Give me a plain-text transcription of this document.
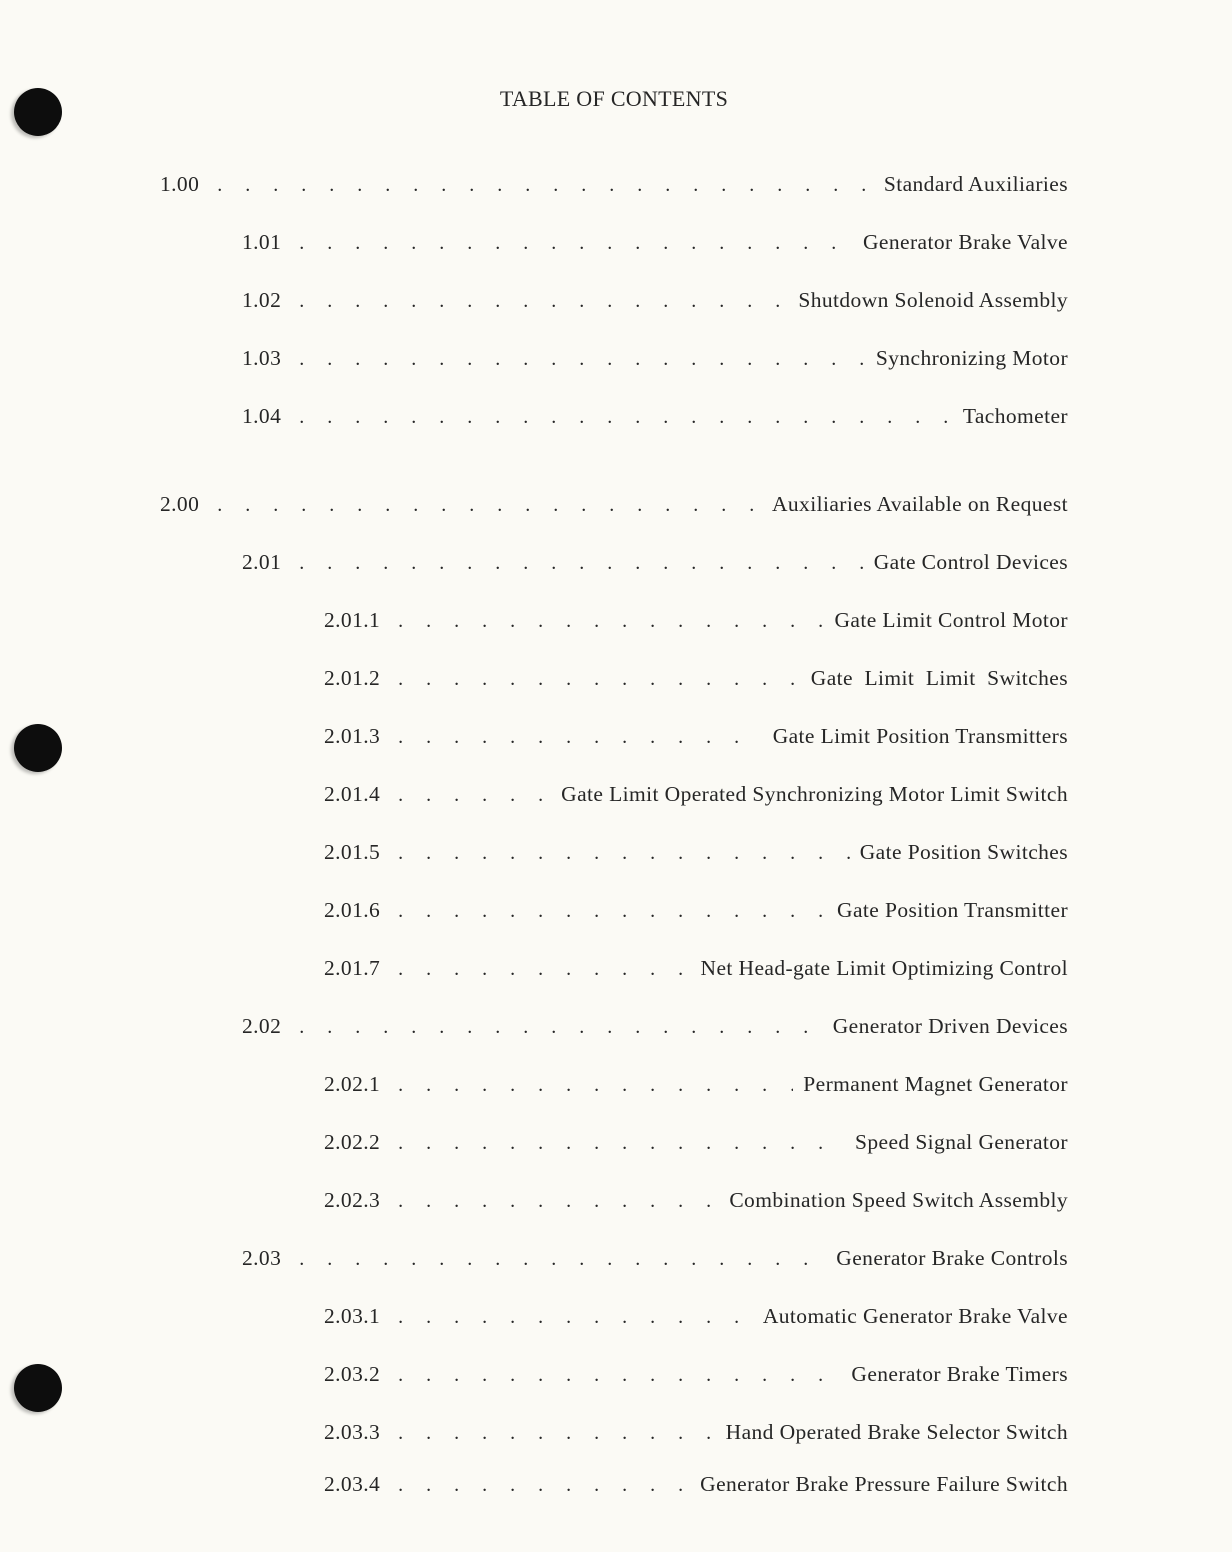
TABLE OF CONTENTS
1.00 . . .	Standard Auxiliaries
1.01 . . .	Generator Brake Valve
1.02 . . .	Shutdown Solenoid Assembly
1.03 . . .	Synchronizing Motor
1.04 . . .	Tachometer
2.00 . . .	Auxiliaries Available on Request
2.01 . . .	Gate Control Devices
2.01.1 . . .	Gate Limit Control Motor
2.01.2 . . .	Gate  Limit  Limit  Switches
2.01.3 . . .	Gate Limit Position Transmitters
2.01.4 . . .	Gate Limit Operated Synchronizing Motor Limit Switch
2.01.5 . . .	Gate Position Switches
2.01.6 . . .	Gate Position Transmitter
2.01.7 . . .	Net Head-gate Limit Optimizing Control
2.02 . . .	Generator Driven Devices
2.02.1 . . .	Permanent Magnet Generator
2.02.2 . . .	Speed Signal Generator
2.02.3 . . .	Combination Speed Switch Assembly
2.03 . . .	Generator Brake Controls
2.03.1 . . .	Automatic Generator Brake Valve
2.03.2 . . .	Generator Brake Timers
2.03.3 . . .	Hand Operated Brake Selector Switch
2.03.4 . . .	Generator Brake Pressure Failure Switch
